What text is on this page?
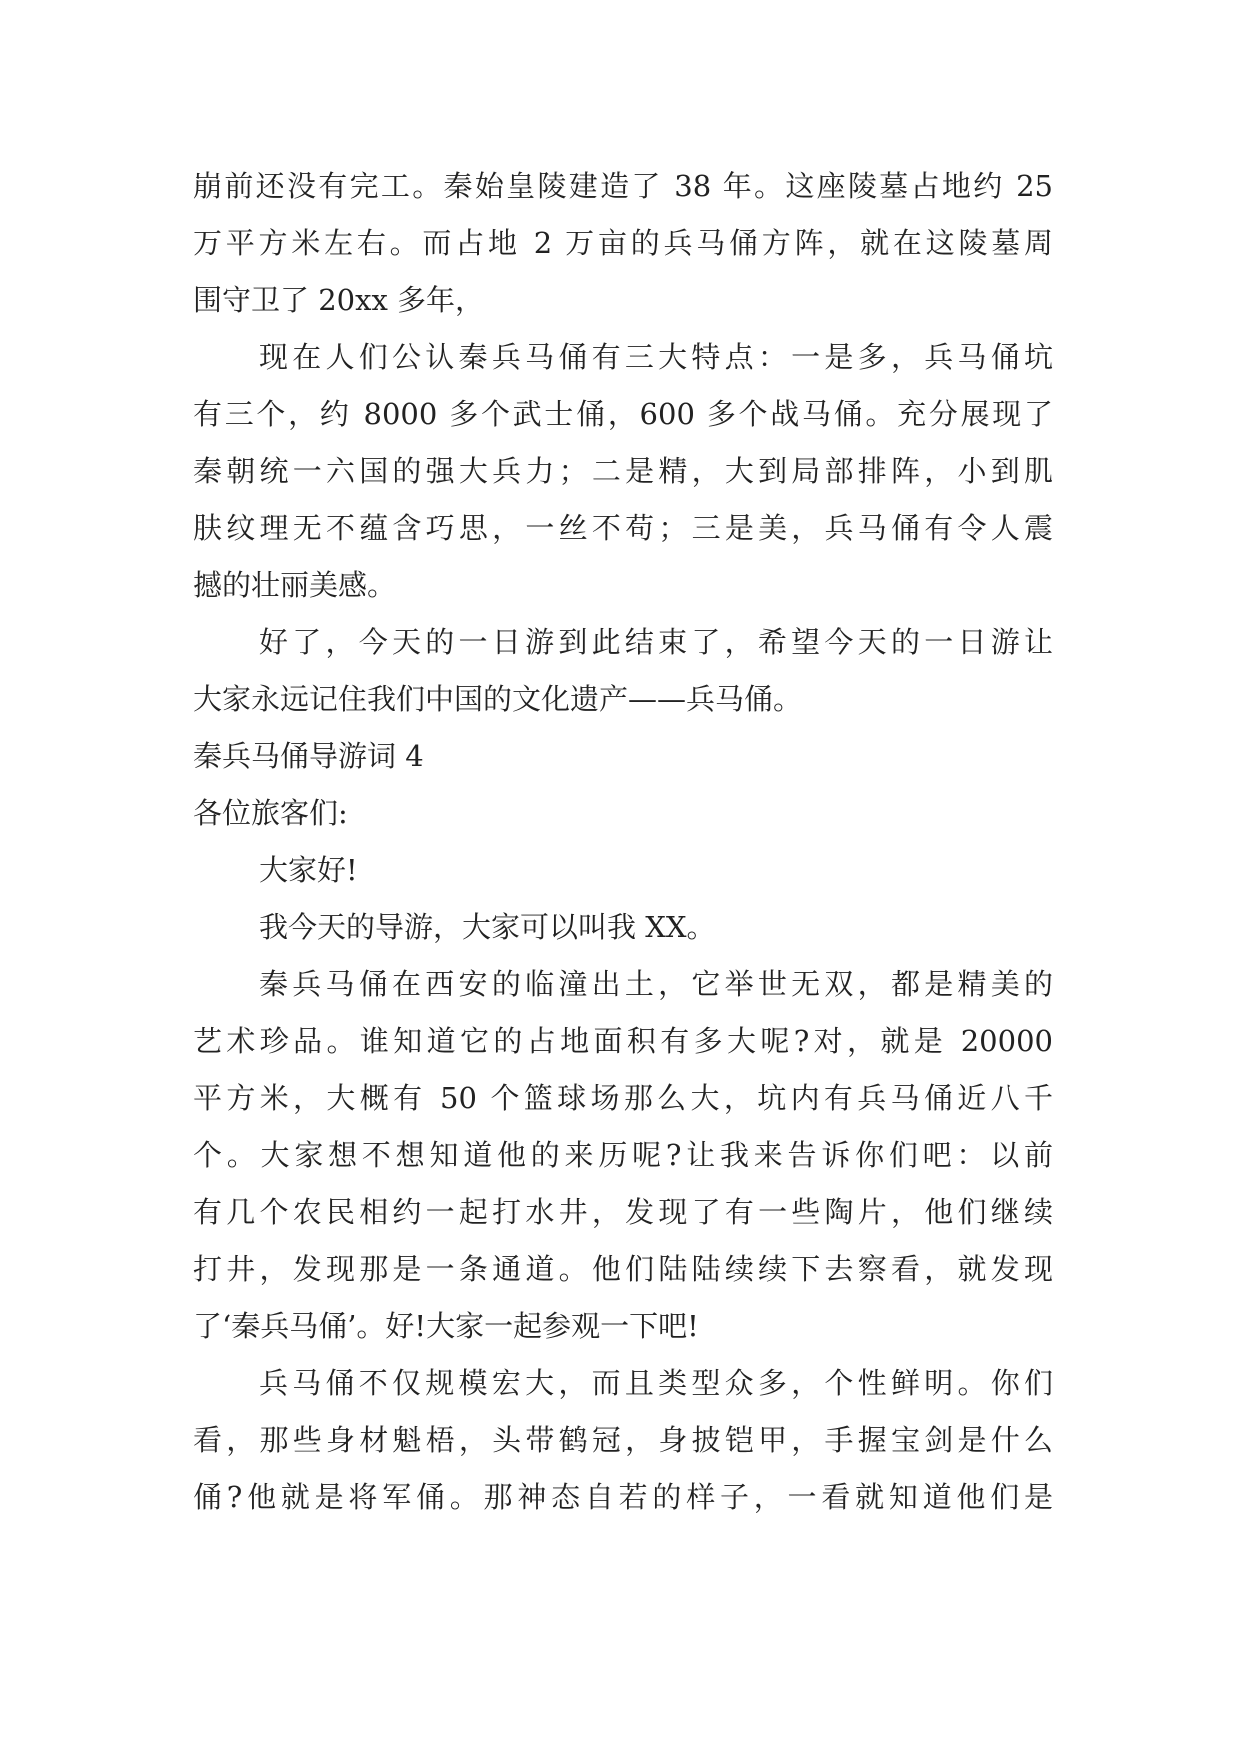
崩前还没有完工。秦始皇陵建造了 38 年。这座陵墓占地约 25
万平方米左右。而占地 2 万亩的兵马俑方阵，就在这陵墓周
围守卫了 20xx 多年，
现在人们公认秦兵马俑有三大特点：一是多，兵马俑坑
有三个，约 8000 多个武士俑，600 多个战马俑。充分展现了
秦朝统一六国的强大兵力；二是精，大到局部排阵，小到肌
肤纹理无不蕴含巧思，一丝不苟；三是美，兵马俑有令人震
撼的壮丽美感。
好了，今天的一日游到此结束了，希望今天的一日游让
大家永远记住我们中国的文化遗产——兵马俑。
秦兵马俑导游词 4
各位旅客们:
大家好!
我今天的导游，大家可以叫我 XX。
秦兵马俑在西安的临潼出土，它举世无双，都是精美的
艺术珍品。谁知道它的占地面积有多大呢?对，就是 20000
平方米，大概有 50 个篮球场那么大，坑内有兵马俑近八千
个。大家想不想知道他的来历呢?让我来告诉你们吧：以前
有几个农民相约一起打水井，发现了有一些陶片，他们继续
打井，发现那是一条通道。他们陆陆续续下去察看，就发现
了‘秦兵马俑’。好!大家一起参观一下吧!
兵马俑不仅规模宏大，而且类型众多，个性鲜明。你们
看，那些身材魁梧，头带鹤冠，身披铠甲，手握宝剑是什么
俑?他就是将军俑。那神态自若的样子，一看就知道他们是
